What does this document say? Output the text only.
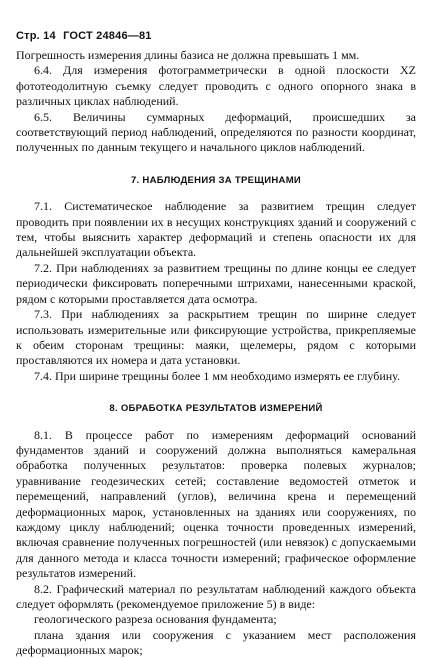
Стр. 14 ГОСТ 24846—81

Погрешность измерения длины базиса не должна превышать 1 мм.

6.4. Для измерения фотограмметрически в одной плоскости XZ фототеодолитную съемку следует проводить с одного опорного знака в различных циклах наблюдений.

6.5. Величины суммарных деформаций, происшедших за соответствующий период наблюдений, определяются по разности координат, полученных по данным текущего и начального циклов наблюдений.

7. НАБЛЮДЕНИЯ ЗА ТРЕЩИНАМИ

7.1. Систематическое наблюдение за развитием трещин следует проводить при появлении их в несущих конструкциях зданий и сооружений с тем, чтобы выяснить характер деформаций и степень опасности их для дальнейшей эксплуатации объекта.

7.2. При наблюдениях за развитием трещины по длине концы ее следует периодически фиксировать поперечными штрихами, нанесенными краской, рядом с которыми проставляется дата осмотра.

7.3. При наблюдениях за раскрытием трещин по ширине следует использовать измерительные или фиксирующие устройства, прикрепляемые к обеим сторонам трещины: маяки, щелемеры, рядом с которыми проставляются их номера и дата установки.

7.4. При ширине трещины более 1 мм необходимо измерять ее глубину.

8. ОБРАБОТКА РЕЗУЛЬТАТОВ ИЗМЕРЕНИЙ

8.1. В процессе работ по измерениям деформаций оснований фундаментов зданий и сооружений должна выполняться камеральная обработка полученных результатов: проверка полевых журналов; уравнивание геодезических сетей; составление ведомостей отметок и перемещений, направлений (углов), величина крена и перемещений деформационных марок, установленных на зданиях или сооружениях, по каждому циклу наблюдений; оценка точности проведенных измерений, включая сравнение полученных погрешностей (или невязок) с допускаемыми для данного метода и класса точности измерений; графическое оформление результатов измерений.

8.2. Графический материал по результатам наблюдений каждого объекта следует оформлять (рекомендуемое приложение 5) в виде:

геологического разреза основания фундамента;

плана здания или сооружения с указанием мест расположения деформационных марок;
